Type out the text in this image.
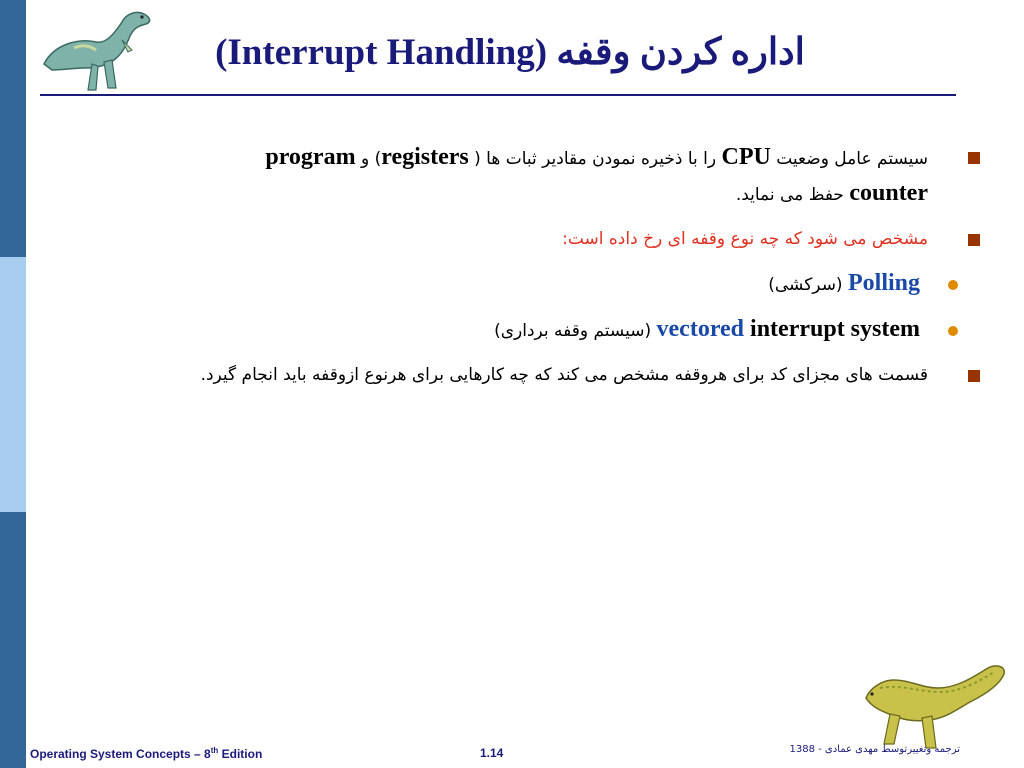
اداره کردن وقفه (Interrupt Handling)
سیستم عامل وضعیت CPU را با ذخیره نمودن مقادیر ثبات ها ( registers) و program
counter حفظ می نماید.
مشخص می شود که چه نوع وقفه ای رخ داده است:
Polling (سرکشی)
vectored interrupt system (سیستم وقفه برداری)
قسمت های مجزای کد برای هروقفه مشخص می کند که چه کارهایی برای هرنوع ازوقفه باید انجام گیرد.
Operating System Concepts – 8th Edition	1.14	ترجمه وتغییرتوسط مهدی عمادی - 1388
